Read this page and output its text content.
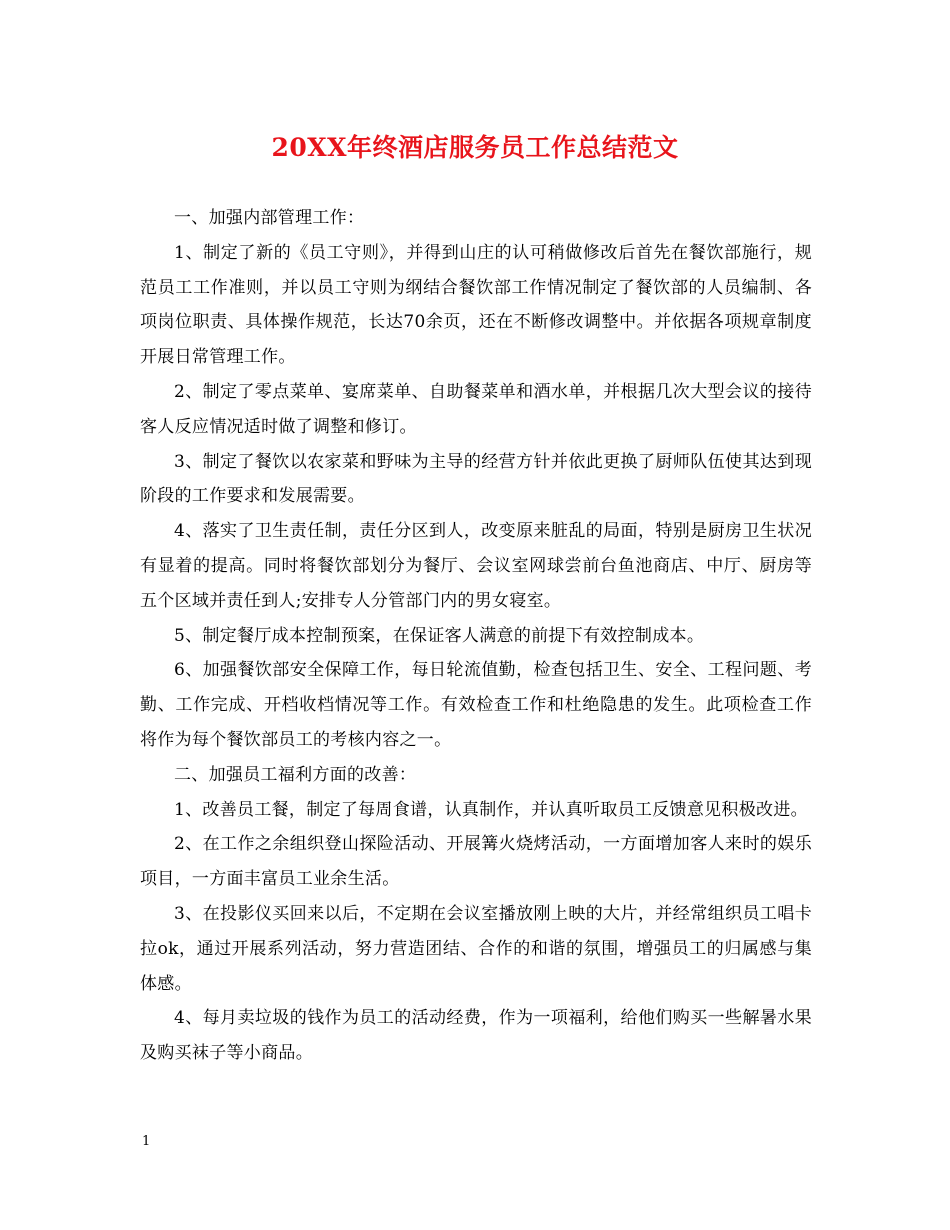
20XX年终酒店服务员工作总结范文

一、加强内部管理工作：

1、制定了新的《员工守则》，并得到山庄的认可稍做修改后首先在餐饮部施行，规范员工工作准则，并以员工守则为纲结合餐饮部工作情况制定了餐饮部的人员编制、各项岗位职责、具体操作规范，长达70余页，还在不断修改调整中。并依据各项规章制度开展日常管理工作。

2、制定了零点菜单、宴席菜单、自助餐菜单和酒水单，并根据几次大型会议的接待客人反应情况适时做了调整和修订。

3、制定了餐饮以农家菜和野味为主导的经营方针并依此更换了厨师队伍使其达到现阶段的工作要求和发展需要。

4、落实了卫生责任制，责任分区到人，改变原来脏乱的局面，特别是厨房卫生状况有显着的提高。同时将餐饮部划分为餐厅、会议室网球尝前台鱼池商店、中厅、厨房等五个区域并责任到人;安排专人分管部门内的男女寝室。

5、制定餐厅成本控制预案，在保证客人满意的前提下有效控制成本。

6、加强餐饮部安全保障工作，每日轮流值勤，检查包括卫生、安全、工程问题、考勤、工作完成、开档收档情况等工作。有效检查工作和杜绝隐患的发生。此项检查工作将作为每个餐饮部员工的考核内容之一。

二、加强员工福利方面的改善：

1、改善员工餐，制定了每周食谱，认真制作，并认真听取员工反馈意见积极改进。

2、在工作之余组织登山探险活动、开展篝火烧烤活动，一方面增加客人来时的娱乐项目，一方面丰富员工业余生活。

3、在投影仪买回来以后，不定期在会议室播放刚上映的大片，并经常组织员工唱卡拉ok，通过开展系列活动，努力营造团结、合作的和谐的氛围，增强员工的归属感与集体感。

4、每月卖垃圾的钱作为员工的活动经费，作为一项福利，给他们购买一些解暑水果及购买袜子等小商品。

1
